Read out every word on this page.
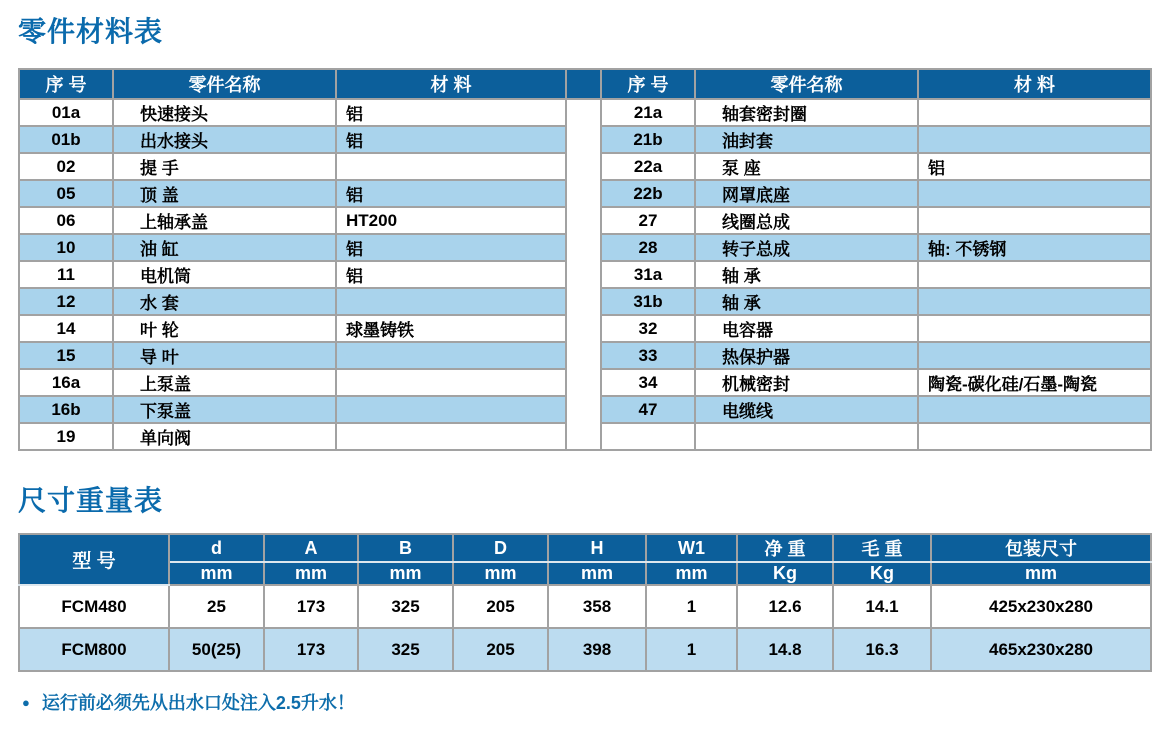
零件材料表
序 号	零件名称	材 料		序 号	零件名称	材 料
01a	快速接头	铝		21a	轴套密封圈	
01b	出水接头	铝		21b	油封套	
02	提 手			22a	泵 座	铝
05	顶 盖	铝		22b	网罩底座	
06	上轴承盖	HT200		27	线圈总成	
10	油 缸	铝		28	转子总成	轴: 不锈钢
11	电机筒	铝		31a	轴 承	
12	水 套			31b	轴 承	
14	叶 轮	球墨铸铁		32	电容器	
15	导 叶			33	热保护器	
16a	上泵盖			34	机械密封	陶瓷-碳化硅/石墨-陶瓷
16b	下泵盖			47	电缆线	
19	单向阀					
尺寸重量表
型 号	d	A	B	D	H	W1	净 重	毛 重	包装尺寸
	mm	mm	mm	mm	mm	mm	Kg	Kg	mm
FCM480	25	173	325	205	358	1	12.6	14.1	425x230x280
FCM800	50(25)	173	325	205	398	1	14.8	16.3	465x230x280
● 运行前必须先从出水口处注入2.5升水！
